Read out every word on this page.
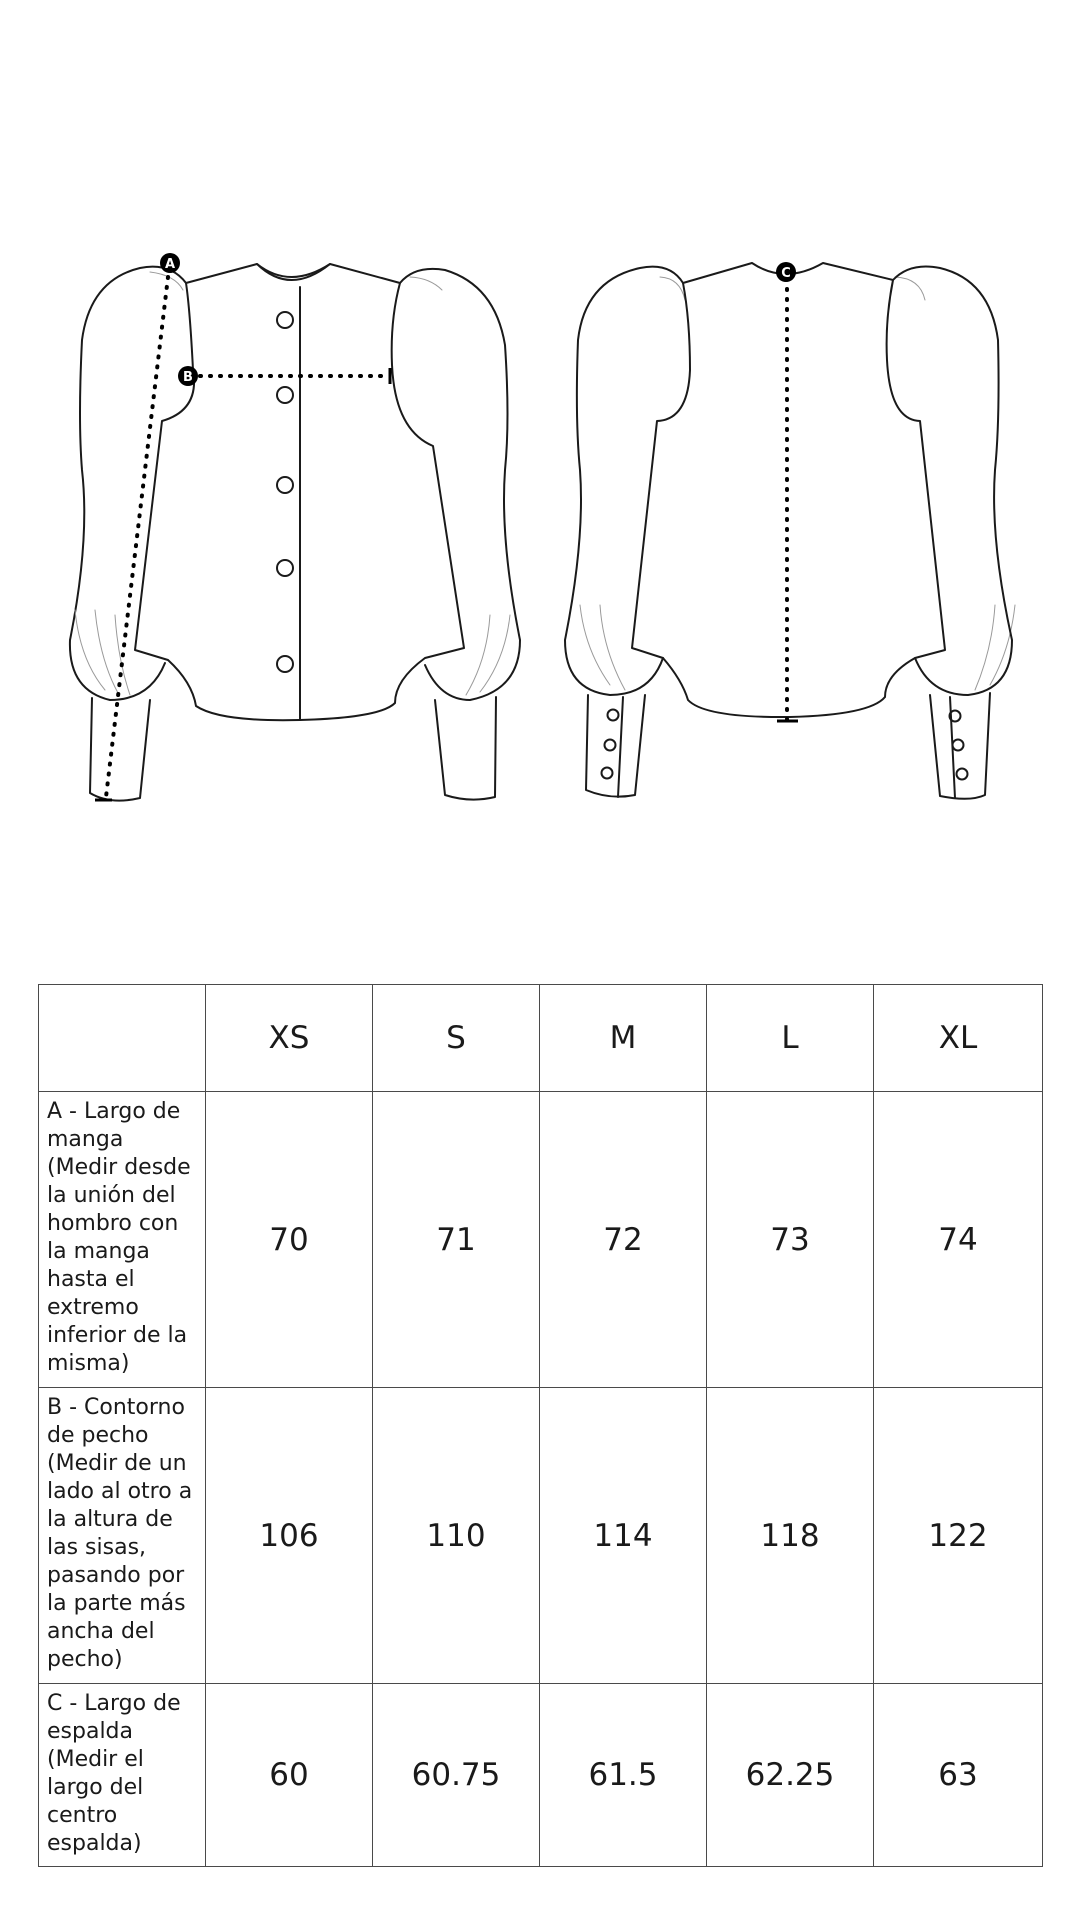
A
B
C
	XS	S	M	L	XL
A - Largo de manga (Medir desde la unión del hombro con la manga hasta el extremo inferior de la misma)	70	71	72	73	74
B - Contorno de pecho (Medir de un lado al otro a la altura de las sisas, pasando por la parte más ancha del pecho)	106	110	114	118	122
C - Largo de espalda (Medir el largo del centro espalda)	60	60.75	61.5	62.25	63
